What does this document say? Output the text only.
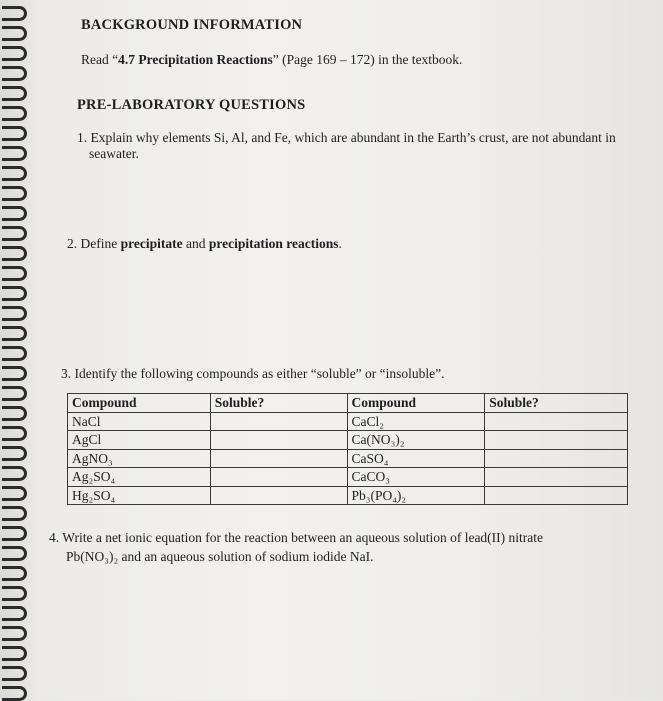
BACKGROUND INFORMATION
Read “4.7 Precipitation Reactions” (Page 169 – 172) in the textbook.
PRE-LABORATORY QUESTIONS
1. Explain why elements Si, Al, and Fe, which are abundant in the Earth’s crust, are not abundant in
seawater.
2. Define precipitate and precipitation reactions.
3. Identify the following compounds as either “soluble” or “insoluble”.
Compound	Soluble?	Compound	Soluble?
NaCl		CaCl₂	
AgCl		Ca(NO₃)₂	
AgNO₃		CaSO₄	
Ag₂SO₄		CaCO₃	
Hg₂SO₄		Pb₃(PO₄)₂	
4. Write a net ionic equation for the reaction between an aqueous solution of lead(II) nitrate
Pb(NO₃)₂ and an aqueous solution of sodium iodide NaI.
